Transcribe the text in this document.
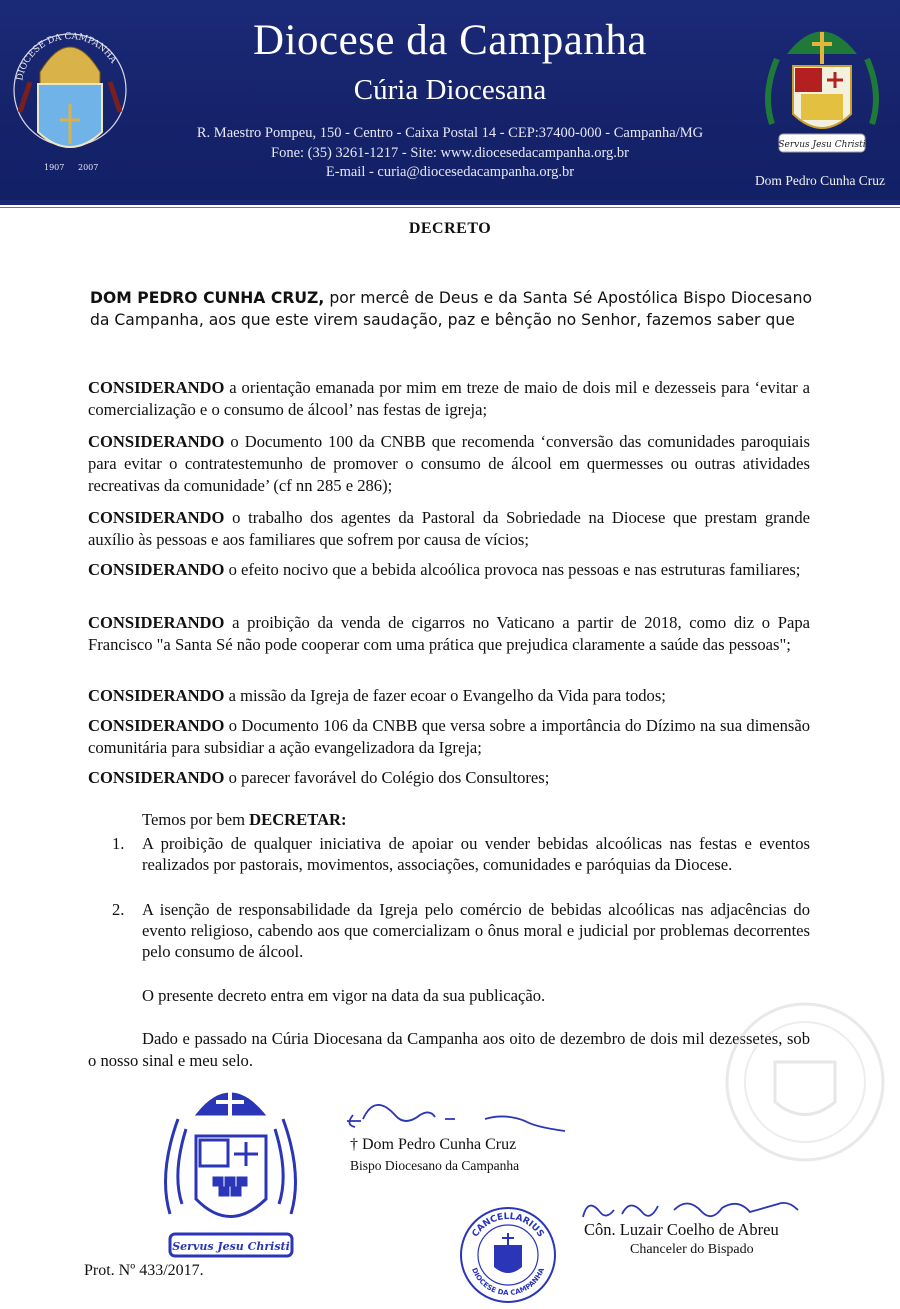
DIOCESE DA CAMPANHA
1907 2007
Diocese da Campanha
Cúria Diocesana
R. Maestro Pompeu, 150 - Centro - Caixa Postal 14 - CEP:37400-000 - Campanha/MG
Fone: (35) 3261-1217 - Site: www.diocesedacampanha.org.br
E-mail - curia@diocesedacampanha.org.br
Servus Jesu Christi
Dom Pedro Cunha Cruz
DECRETO
DOM PEDRO CUNHA CRUZ, por mercê de Deus e da Santa Sé Apostólica Bispo Diocesano da Campanha, aos que este virem saudação, paz e bênção no Senhor, fazemos saber que
CONSIDERANDO a orientação emanada por mim em treze de maio de dois mil e dezesseis para ‘evitar a comercialização e o consumo de álcool’ nas festas de igreja;
CONSIDERANDO o Documento 100 da CNBB que recomenda ‘conversão das comunidades paroquiais para evitar o contratestemunho de promover o consumo de álcool em quermesses ou outras atividades recreativas da comunidade’ (cf nn 285 e 286);
CONSIDERANDO o trabalho dos agentes da Pastoral da Sobriedade na Diocese que prestam grande auxílio às pessoas e aos familiares que sofrem por causa de vícios;
CONSIDERANDO o efeito nocivo que a bebida alcoólica provoca nas pessoas e nas estruturas familiares;
CONSIDERANDO a proibição da venda de cigarros no Vaticano a partir de 2018, como diz o Papa Francisco "a Santa Sé não pode cooperar com uma prática que prejudica claramente a saúde das pessoas";
CONSIDERANDO a missão da Igreja de fazer ecoar o Evangelho da Vida para todos;
CONSIDERANDO o Documento 106 da CNBB que versa sobre a importância do Dízimo na sua dimensão comunitária para subsidiar a ação evangelizadora da Igreja;
CONSIDERANDO o parecer favorável do Colégio dos Consultores;
Temos por bem DECRETAR:
1.	A proibição de qualquer iniciativa de apoiar ou vender bebidas alcoólicas nas festas e eventos realizados por pastorais, movimentos, associações, comunidades e paróquias da Diocese.
2.	A isenção de responsabilidade da Igreja pelo comércio de bebidas alcoólicas nas adjacências do evento religioso, cabendo aos que comercializam o ônus moral e judicial por problemas decorrentes pelo consumo de álcool.
O presente decreto entra em vigor na data da sua publicação.
Dado e passado na Cúria Diocesana da Campanha aos oito de dezembro de dois mil dezessetes, sob o nosso sinal e meu selo.
Servus Jesu Christi
Prot. Nº 433/2017.
† Dom Pedro Cunha Cruz
Bispo Diocesano da Campanha
CANCELLARIUS
DIOCESE DA CAMPANHA
Côn. Luzair Coelho de Abreu
Chanceler do Bispado
